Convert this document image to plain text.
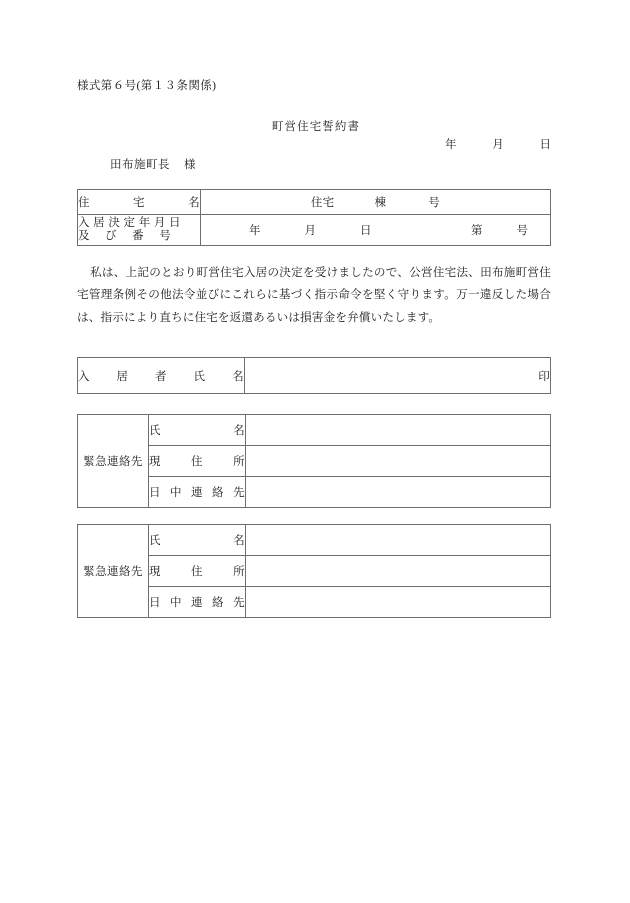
様式第６号(第１３条関係)
町営住宅誓約書
年	月	日
田布施町長 様
住 宅 名	住宅 棟 号

入 居 決 定 年 月 日
及　 び　 番　 号	年 月 日 第 号
私は、上記のとおり町営住宅入居の決定を受けましたので、公営住宅法、田布施町営住宅管理条例その他法令並びにこれらに基づく指示命令を堅く守ります。万一違反した場合は、指示により直ちに住宅を返還あるいは損害金を弁償いたします。
入 居 者 氏 名	印
緊急連絡先	氏 名	

	現 住 所	

	日 中 連 絡 先	

緊急連絡先	氏 名	

	現 住 所	

	日 中 連 絡 先	
